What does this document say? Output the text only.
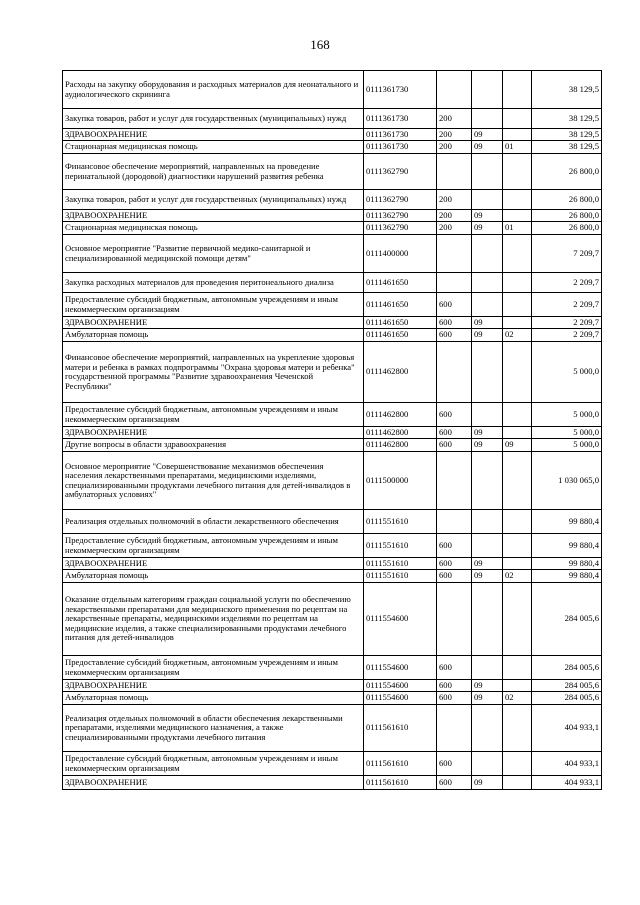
168
Расходы на закупку оборудования и расходных материалов для неонатального и аудиологического скрининга	0111361730				38 129,5
Закупка товаров, работ и услуг для государственных (муниципальных) нужд	0111361730	200			38 129,5
ЗДРАВООХРАНЕНИЕ	0111361730	200	09		38 129,5
Стационарная медицинская помощь	0111361730	200	09	01	38 129,5
Финансовое обеспечение мероприятий, направленных на проведение перинатальной (дородовой) диагностики нарушений развития ребенка	0111362790				26 800,0
Закупка товаров, работ и услуг для государственных (муниципальных) нужд	0111362790	200			26 800,0
ЗДРАВООХРАНЕНИЕ	0111362790	200	09		26 800,0
Стационарная медицинская помощь	0111362790	200	09	01	26 800,0
Основное мероприятие "Развитие первичной медико-санитарной и специализированной медицинской помощи детям"	0111400000				7 209,7
Закупка расходных материалов для проведения перитонеального диализа	0111461650				2 209,7
Предоставление субсидий бюджетным, автономным учреждениям и иным некоммерческим организациям	0111461650	600			2 209,7
ЗДРАВООХРАНЕНИЕ	0111461650	600	09		2 209,7
Амбулаторная помощь	0111461650	600	09	02	2 209,7
Финансовое обеспечение мероприятий, направленных на укрепление здоровья матери и ребенка в рамках подпрограммы "Охрана здоровья матери и ребенка" государственной программы "Развитие здравоохранения Чеченской Республики"	0111462800				5 000,0
Предоставление субсидий бюджетным, автономным учреждениям и иным некоммерческим организациям	0111462800	600			5 000,0
ЗДРАВООХРАНЕНИЕ	0111462800	600	09		5 000,0
Другие вопросы в области здравоохранения	0111462800	600	09	09	5 000,0
Основное мероприятие "Совершенствование механизмов обеспечения населения лекарственными препаратами, медицинскими изделиями, специализированными продуктами лечебного питания для детей-инвалидов в амбулаторных условиях"	0111500000				1 030 065,0
Реализация отдельных полномочий в области лекарственного обеспечения	0111551610				99 880,4
Предоставление субсидий бюджетным, автономным учреждениям и иным некоммерческим организациям	0111551610	600			99 880,4
ЗДРАВООХРАНЕНИЕ	0111551610	600	09		99 880,4
Амбулаторная помощь	0111551610	600	09	02	99 880,4
Оказание отдельным категориям граждан социальной услуги по обеспечению лекарственными препаратами для медицинского применения по рецептам на лекарственные препараты, медицинскими изделиями по рецептам на медицинские изделия, а также специализированными продуктами лечебного питания для детей-инвалидов	0111554600				284 005,6
Предоставление субсидий бюджетным, автономным учреждениям и иным некоммерческим организациям	0111554600	600			284 005,6
ЗДРАВООХРАНЕНИЕ	0111554600	600	09		284 005,6
Амбулаторная помощь	0111554600	600	09	02	284 005,6
Реализация отдельных полномочий в области обеспечения лекарственными препаратами, изделиями медицинского назначения, а также специализированными продуктами лечебного питания	0111561610				404 933,1
Предоставление субсидий бюджетным, автономным учреждениям и иным некоммерческим организациям	0111561610	600			404 933,1
ЗДРАВООХРАНЕНИЕ	0111561610	600	09		404 933,1
